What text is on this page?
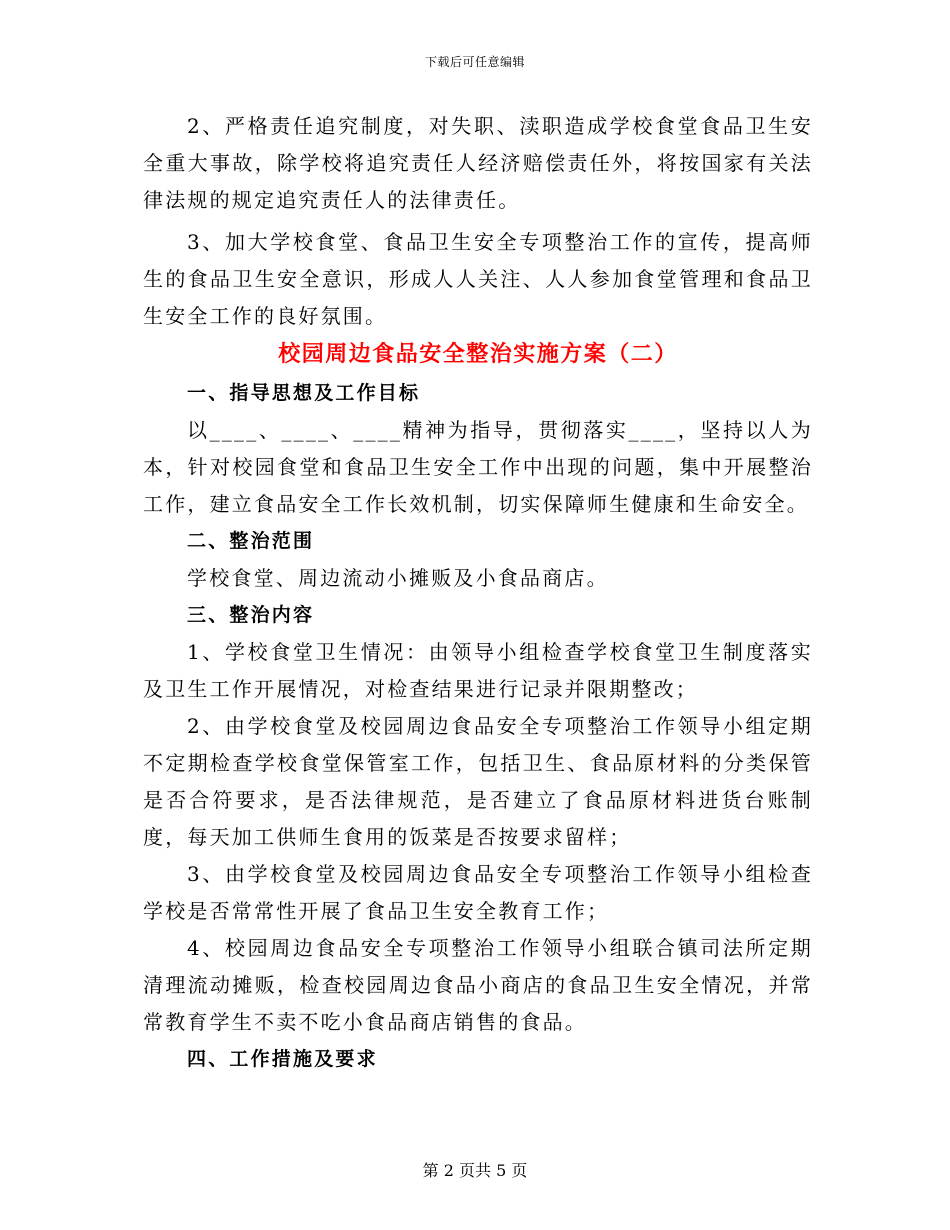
下载后可任意编辑

2、严格责任追究制度，对失职、渎职造成学校食堂食品卫生安全重大事故，除学校将追究责任人经济赔偿责任外，将按国家有关法律法规的规定追究责任人的法律责任。

3、加大学校食堂、食品卫生安全专项整治工作的宣传，提高师生的食品卫生安全意识，形成人人关注、人人参加食堂管理和食品卫生安全工作的良好氛围。

校园周边食品安全整治实施方案（二）

一、指导思想及工作目标

以____、____、____精神为指导，贯彻落实____，坚持以人为本，针对校园食堂和食品卫生安全工作中出现的问题，集中开展整治工作，建立食品安全工作长效机制，切实保障师生健康和生命安全。

二、整治范围

学校食堂、周边流动小摊贩及小食品商店。

三、整治内容

1、学校食堂卫生情况：由领导小组检查学校食堂卫生制度落实及卫生工作开展情况，对检查结果进行记录并限期整改；

2、由学校食堂及校园周边食品安全专项整治工作领导小组定期不定期检查学校食堂保管室工作，包括卫生、食品原材料的分类保管是否合符要求，是否法律规范，是否建立了食品原材料进货台账制度，每天加工供师生食用的饭菜是否按要求留样；

3、由学校食堂及校园周边食品安全专项整治工作领导小组检查学校是否常常性开展了食品卫生安全教育工作；

4、校园周边食品安全专项整治工作领导小组联合镇司法所定期清理流动摊贩，检查校园周边食品小商店的食品卫生安全情况，并常常教育学生不卖不吃小食品商店销售的食品。

四、工作措施及要求

第 2 页共 5 页
